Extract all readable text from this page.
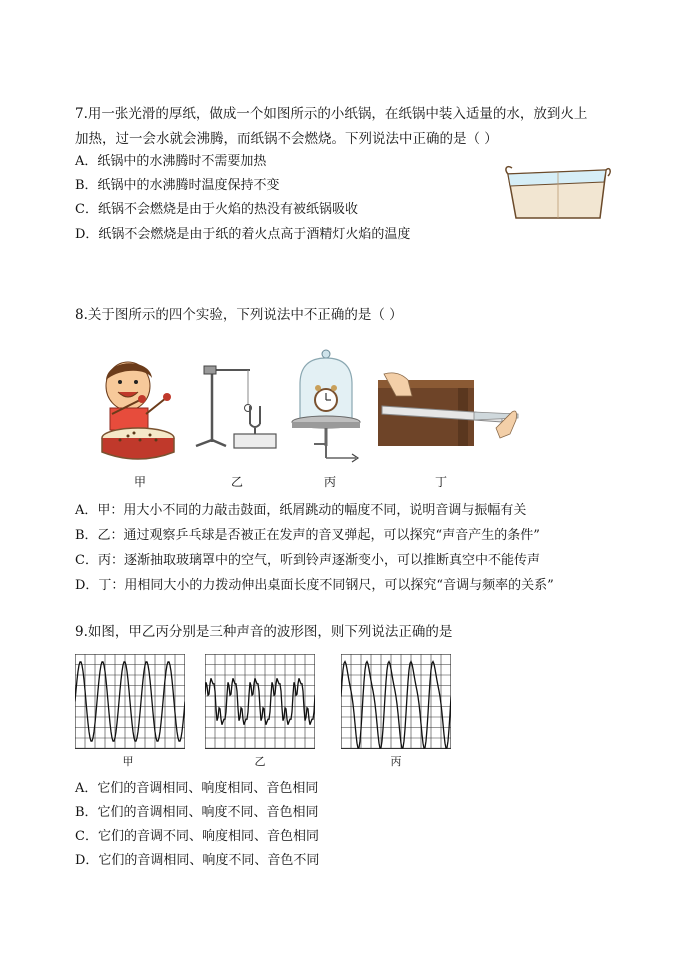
7.用一张光滑的厚纸，做成一个如图所示的小纸锅，在纸锅中装入适量的水，放到火上
加热，过一会水就会沸腾，而纸锅不会燃烧。下列说法中正确的是（ ）
A．纸锅中的水沸腾时不需要加热
B．纸锅中的水沸腾时温度保持不变
C．纸锅不会燃烧是由于火焰的热没有被纸锅吸收
D．纸锅不会燃烧是由于纸的着火点高于酒精灯火焰的温度
8.关于图所示的四个实验，下列说法中不正确的是（ ）
甲	乙	丙	丁
A．甲：用大小不同的力敲击鼓面，纸屑跳动的幅度不同，说明音调与振幅有关
B．乙：通过观察乒乓球是否被正在发声的音叉弹起，可以探究“声音产生的条件”
C．丙：逐渐抽取玻璃罩中的空气，听到铃声逐渐变小，可以推断真空中不能传声
D．丁：用相同大小的力拨动伸出桌面长度不同钢尺，可以探究“音调与频率的关系”
9.如图，甲乙丙分别是三种声音的波形图，则下列说法正确的是
甲	乙	丙
A．它们的音调相同、响度相同、音色相同
B．它们的音调相同、响度不同、音色相同
C．它们的音调不同、响度相同、音色相同
D．它们的音调相同、响度不同、音色不同
